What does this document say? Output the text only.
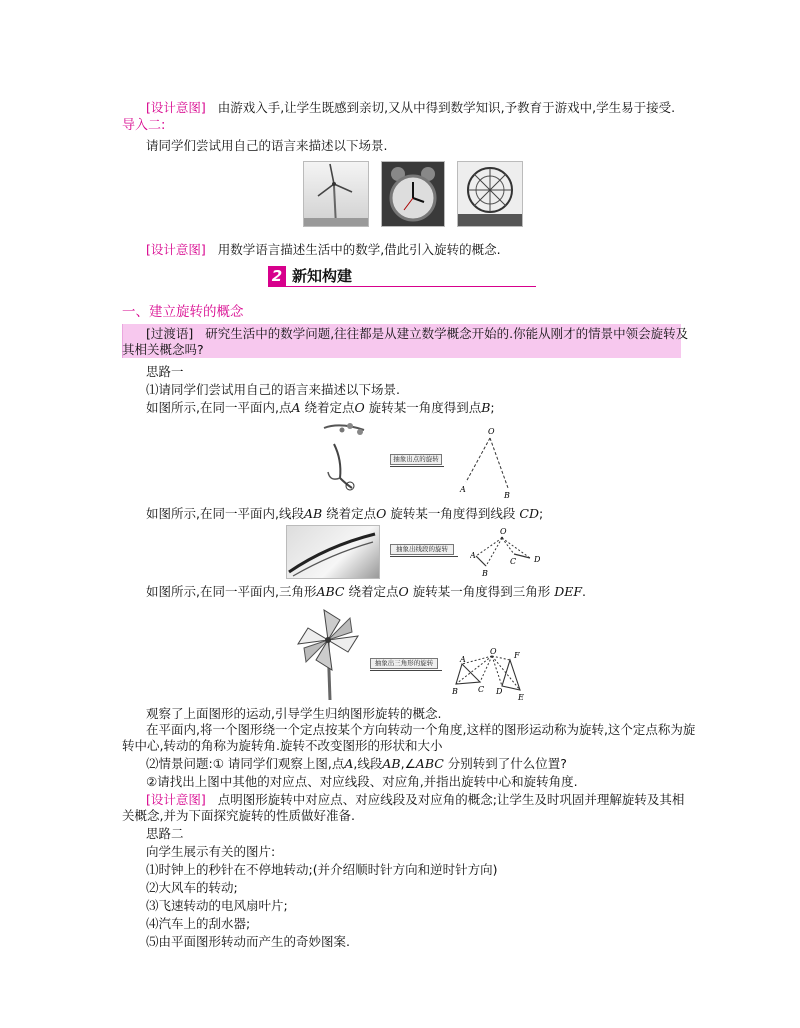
[设计意图] 由游戏入手,让学生既感到亲切,又从中得到数学知识,予教育于游戏中,学生易于接受.
导入二:
请同学们尝试用自己的语言来描述以下场景.
[设计意图] 用数学语言描述生活中的数学,借此引入旋转的概念.
2 新知构建
一、建立旋转的概念
[过渡语] 研究生活中的数学问题,往往都是从建立数学概念开始的.你能从刚才的情景中领会旋转及
其相关概念吗?
思路一
⑴请同学们尝试用自己的语言来描述以下场景.
如图所示,在同一平面内,点A 绕着定点O 旋转某一角度得到点B;
O
A
B
抽象出点的旋转
如图所示,在同一平面内,线段AB 绕着定点O 旋转某一角度得到线段 CD;
抽象出线段的旋转
O
A
B
C D
如图所示,在同一平面内,三角形ABC 绕着定点O 旋转某一角度得到三角形 DEF.
抽象出三角形的旋转
O
A
B	C D
E
F
观察了上面图形的运动,引导学生归纳图形旋转的概念.
在平面内,将一个图形绕一个定点按某个方向转动一个角度,这样的图形运动称为旋转,这个定点称为旋
转中心,转动的角称为旋转角.旋转不改变图形的形状和大小
⑵情景问题:① 请同学们观察上图,点A,线段AB,∠ABC 分别转到了什么位置?
②请找出上图中其他的对应点、对应线段、对应角,并指出旋转中心和旋转角度.
[设计意图] 点明图形旋转中对应点、对应线段及对应角的概念;让学生及时巩固并理解旋转及其相
关概念,并为下面探究旋转的性质做好准备.
思路二
向学生展示有关的图片:
⑴时钟上的秒针在不停地转动;(并介绍顺时针方向和逆时针方向)
⑵大风车的转动;
⑶飞速转动的电风扇叶片;
⑷汽车上的刮水器;
⑸由平面图形转动而产生的奇妙图案.
